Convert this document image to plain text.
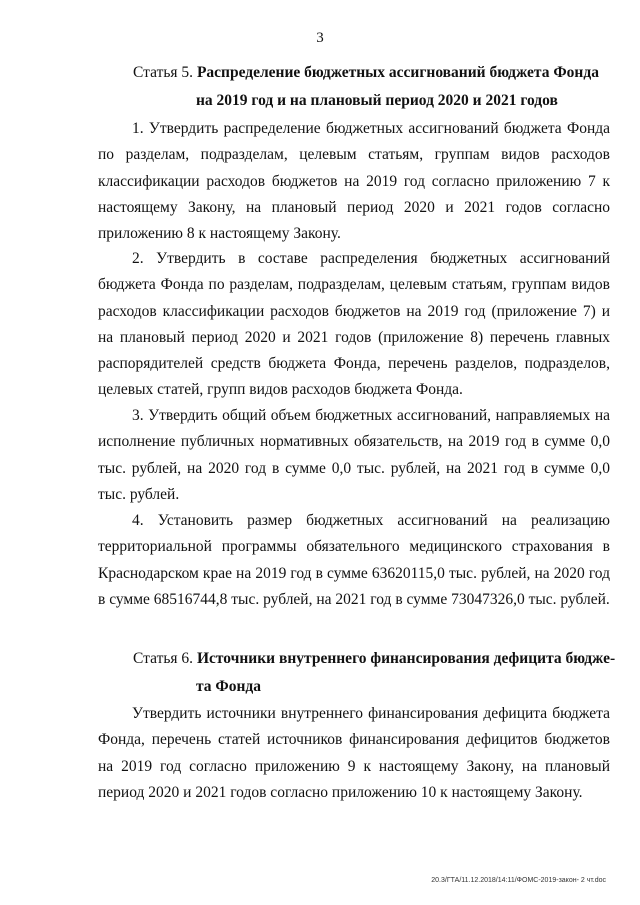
3
Статья 5. Распределение бюджетных ассигнований бюджета Фонда
на 2019 год и на плановый период 2020 и 2021 годов

1. Утвердить распределение бюджетных ассигнований бюджета Фонда по разделам, подразделам, целевым статьям, группам видов расходов классификации расходов бюджетов на 2019 год согласно приложению 7 к настоящему Закону, на плановый период 2020 и 2021 годов согласно приложению 8 к настоящему Закону.

2. Утвердить в составе распределения бюджетных ассигнований бюджета Фонда по разделам, подразделам, целевым статьям, группам видов расходов классификации расходов бюджетов на 2019 год (приложение 7) и на плановый период 2020 и 2021 годов (приложение 8) перечень главных распорядителей средств бюджета Фонда, перечень разделов, подразделов, целевых статей, групп видов расходов бюджета Фонда.

3. Утвердить общий объем бюджетных ассигнований, направляемых на исполнение публичных нормативных обязательств, на 2019 год в сумме 0,0 тыс. рублей, на 2020 год в сумме 0,0 тыс. рублей, на 2021 год в сумме 0,0 тыс. рублей.

4. Установить размер бюджетных ассигнований на реализацию территориальной программы обязательного медицинского страхования в Краснодарском крае на 2019 год в сумме 63620115,0 тыс. рублей, на 2020 год в сумме 68516744,8 тыс. рублей, на 2021 год в сумме 73047326,0 тыс. рублей.

Статья 6. Источники внутреннего финансирования дефицита бюдже-
та Фонда

Утвердить источники внутреннего финансирования дефицита бюджета Фонда, перечень статей источников финансирования дефицитов бюджетов на 2019 год согласно приложению 9 к настоящему Закону, на плановый период 2020 и 2021 годов согласно приложению 10 к настоящему Закону.

20.3/ГТА/11.12.2018/14:11/ФОМС-2019-закон- 2 чт.doc
